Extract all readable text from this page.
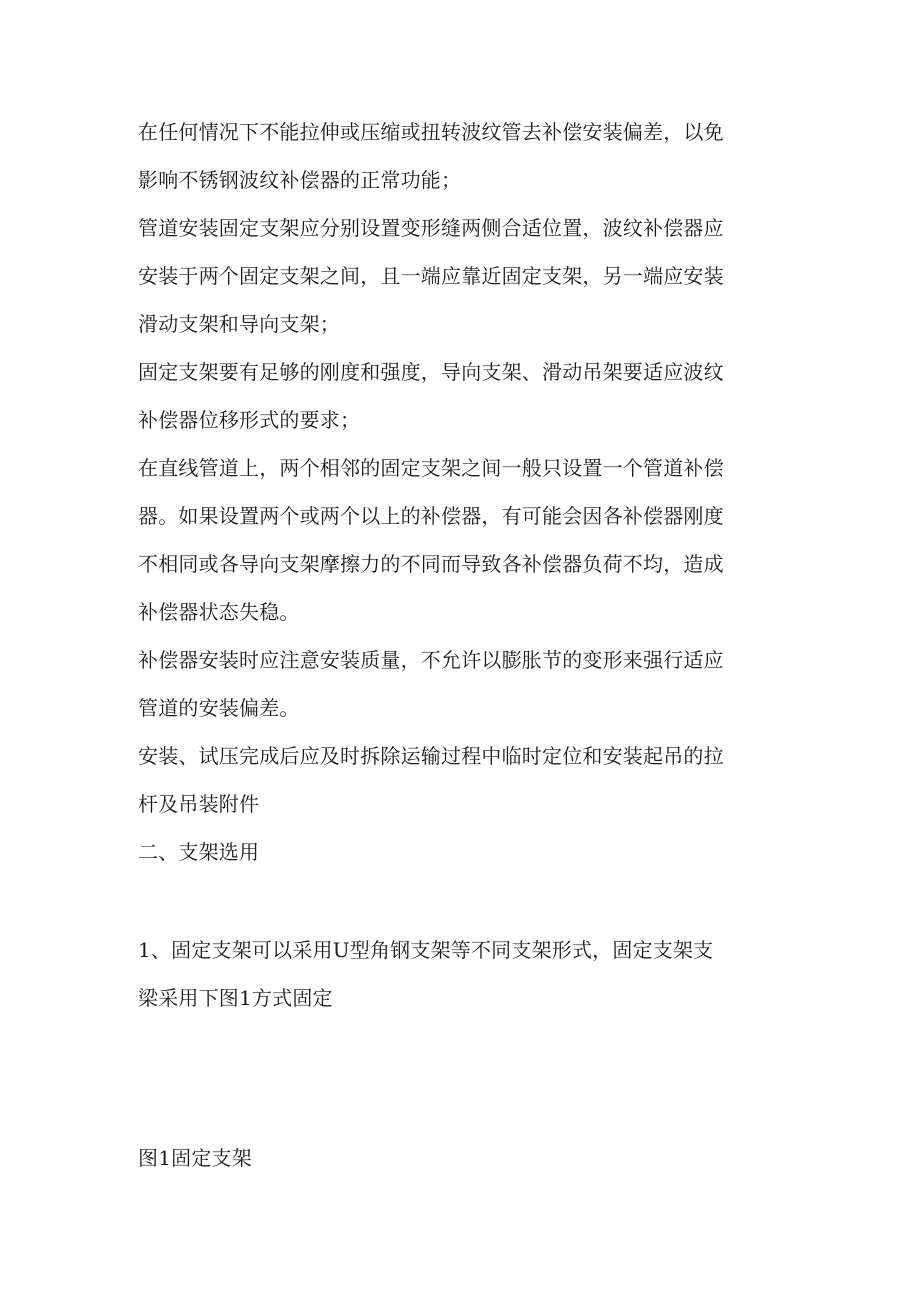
在任何情况下不能拉伸或压缩或扭转波纹管去补偿安装偏差，以免
影响不锈钢波纹补偿器的正常功能；
管道安装固定支架应分别设置变形缝两侧合适位置，波纹补偿器应
安装于两个固定支架之间，且一端应靠近固定支架，另一端应安装
滑动支架和导向支架；
固定支架要有足够的刚度和强度，导向支架、滑动吊架要适应波纹
补偿器位移形式的要求；
在直线管道上，两个相邻的固定支架之间一般只设置一个管道补偿
器。如果设置两个或两个以上的补偿器，有可能会因各补偿器刚度
不相同或各导向支架摩擦力的不同而导致各补偿器负荷不均，造成
补偿器状态失稳。
补偿器安装时应注意安装质量，不允许以膨胀节的变形来强行适应
管道的安装偏差。
安装、试压完成后应及时拆除运输过程中临时定位和安装起吊的拉
杆及吊装附件
二、支架选用
1、固定支架可以采用U型角钢支架等不同支架形式，固定支架支
梁采用下图1方式固定
图1固定支架
